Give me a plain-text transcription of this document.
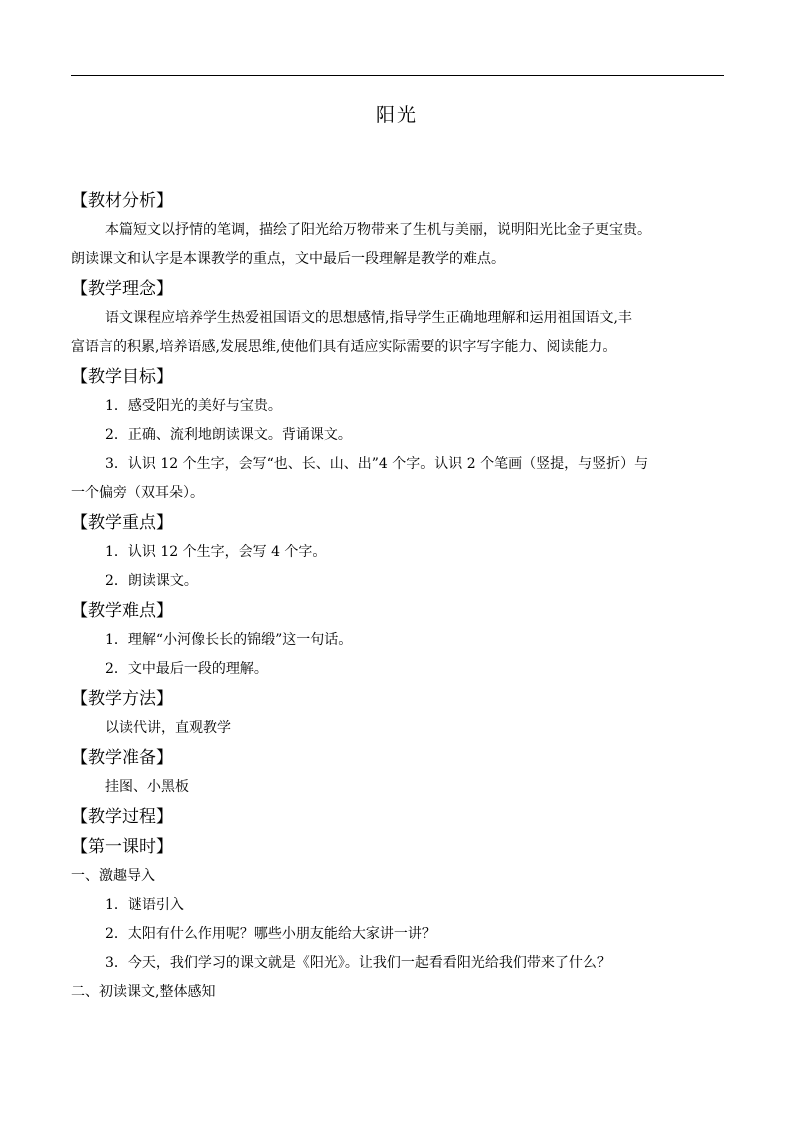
阳光
【教材分析】
本篇短文以抒情的笔调，描绘了阳光给万物带来了生机与美丽，说明阳光比金子更宝贵。
朗读课文和认字是本课教学的重点，文中最后一段理解是教学的难点。
【教学理念】
语文课程应培养学生热爱祖国语文的思想感情,指导学生正确地理解和运用祖国语文,丰
富语言的积累,培养语感,发展思维,使他们具有适应实际需要的识字写字能力、阅读能力。
【教学目标】
1．感受阳光的美好与宝贵。
2．正确、流利地朗读课文。背诵课文。
3．认识 12 个生字，会写“也、长、山、出”4 个字。认识 2 个笔画（竖提，与竖折）与
一个偏旁（双耳朵）。
【教学重点】
1．认识 12 个生字，会写 4 个字。
2．朗读课文。
【教学难点】
1．理解“小河像长长的锦缎”这一句话。
2．文中最后一段的理解。
【教学方法】
以读代讲，直观教学
【教学准备】
挂图、小黑板
【教学过程】
【第一课时】
一、激趣导入
1．谜语引入
2．太阳有什么作用呢？哪些小朋友能给大家讲一讲？
3．今天，我们学习的课文就是《阳光》。让我们一起看看阳光给我们带来了什么？
二、初读课文,整体感知
